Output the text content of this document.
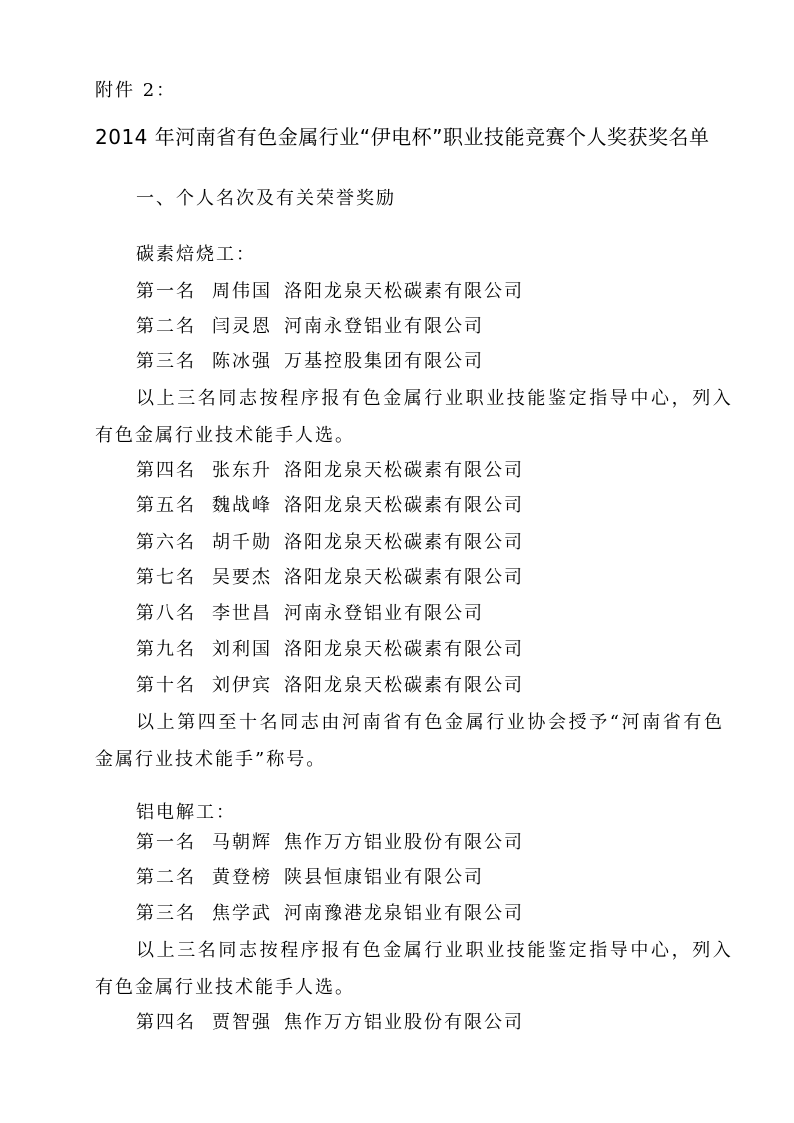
附件 2：
2014 年河南省有色金属行业“伊电杯”职业技能竞赛个人奖获奖名单
一、个人名次及有关荣誉奖励
碳素焙烧工：
第一名 周伟国 洛阳龙泉天松碳素有限公司
第二名 闫灵恩 河南永登铝业有限公司
第三名 陈冰强 万基控股集团有限公司
以上三名同志按程序报有色金属行业职业技能鉴定指导中心，列入
有色金属行业技术能手人选。
第四名 张东升 洛阳龙泉天松碳素有限公司
第五名 魏战峰 洛阳龙泉天松碳素有限公司
第六名 胡千勋 洛阳龙泉天松碳素有限公司
第七名 吴要杰 洛阳龙泉天松碳素有限公司
第八名 李世昌 河南永登铝业有限公司
第九名 刘利国 洛阳龙泉天松碳素有限公司
第十名 刘伊宾 洛阳龙泉天松碳素有限公司
以上第四至十名同志由河南省有色金属行业协会授予“河南省有色
金属行业技术能手”称号。
铝电解工：
第一名 马朝辉 焦作万方铝业股份有限公司
第二名 黄登榜 陕县恒康铝业有限公司
第三名 焦学武 河南豫港龙泉铝业有限公司
以上三名同志按程序报有色金属行业职业技能鉴定指导中心，列入
有色金属行业技术能手人选。
第四名 贾智强 焦作万方铝业股份有限公司
